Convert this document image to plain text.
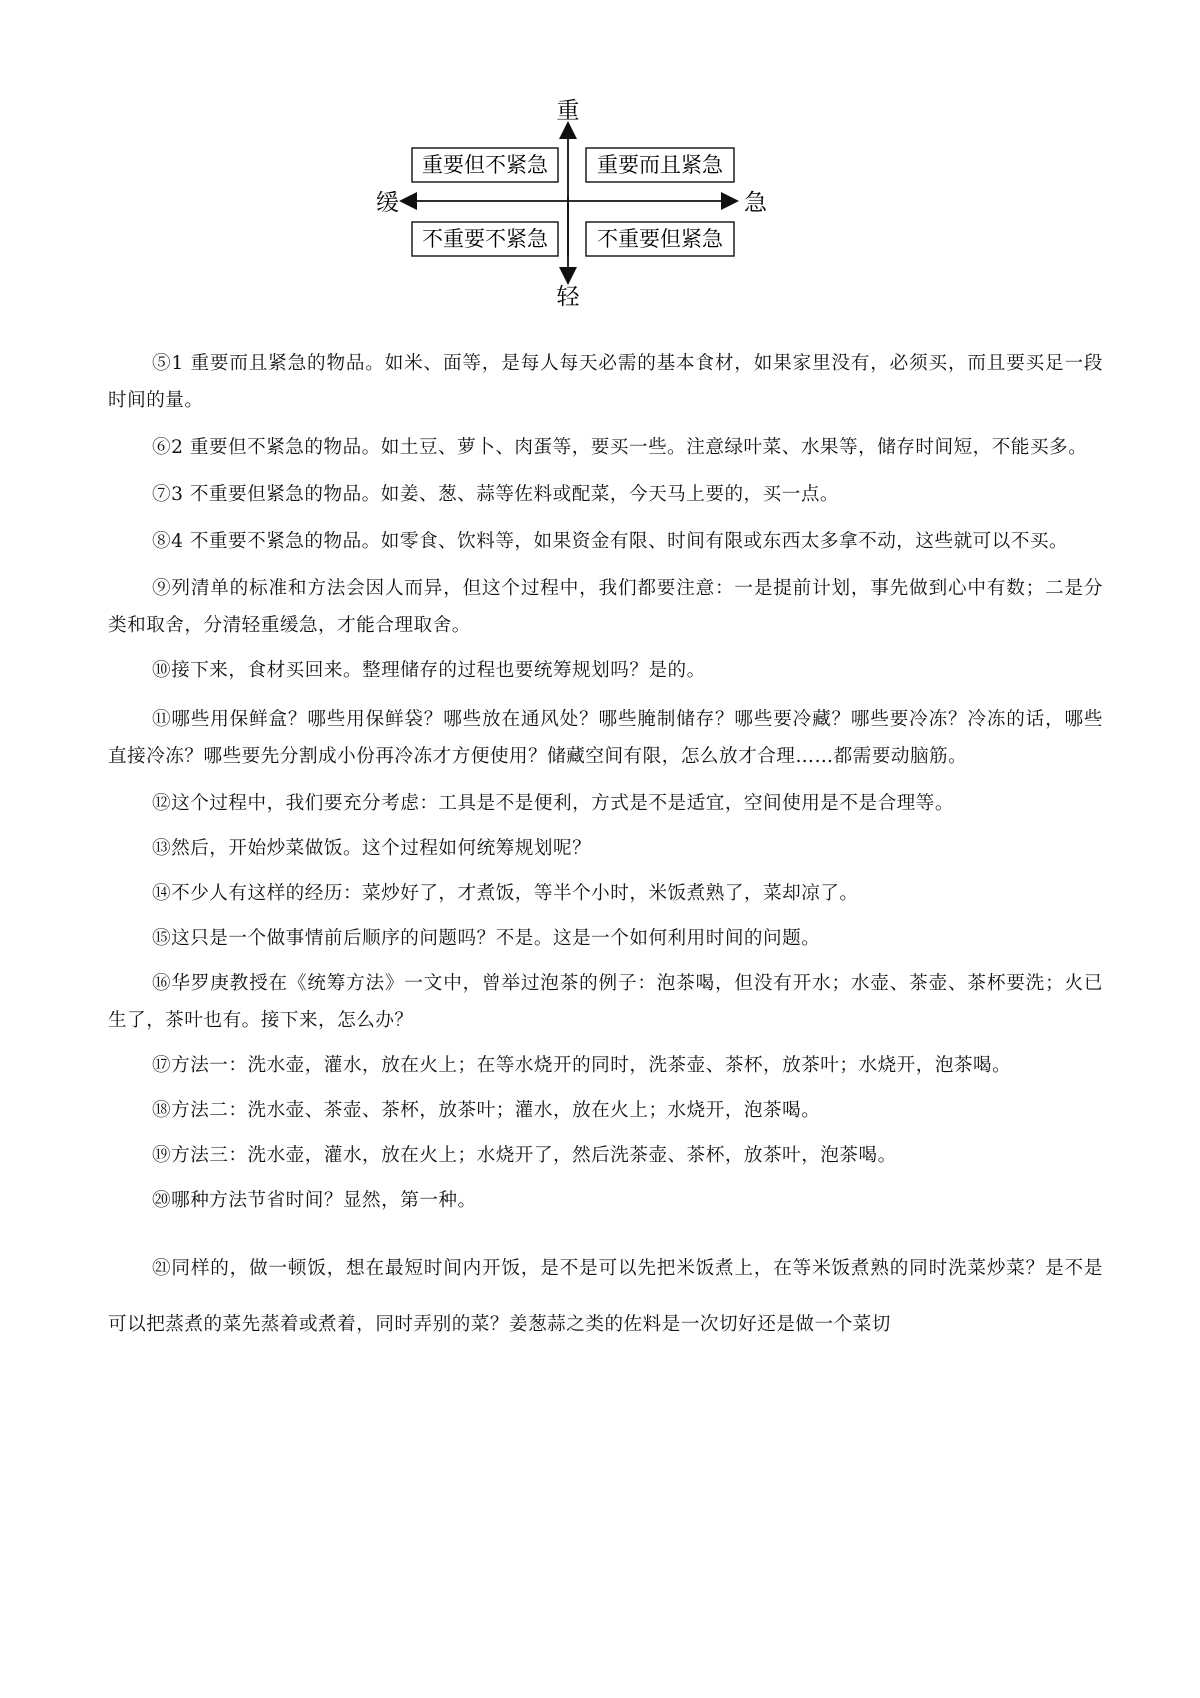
重
轻
缓	急
重要但不紧急 重要而且紧急
不重要不紧急 不重要但紧急

⑤1 重要而且紧急的物品。如米、面等，是每人每天必需的基本食材，如果家里没有，必须买，而且要买足一段时间的量。

⑥2 重要但不紧急的物品。如土豆、萝卜、肉蛋等，要买一些。注意绿叶菜、水果等，储存时间短，不能买多。

⑦3 不重要但紧急的物品。如姜、葱、蒜等佐料或配菜，今天马上要的，买一点。

⑧4 不重要不紧急的物品。如零食、饮料等，如果资金有限、时间有限或东西太多拿不动，这些就可以不买。

⑨列清单的标准和方法会因人而异，但这个过程中，我们都要注意：一是提前计划，事先做到心中有数；二是分类和取舍，分清轻重缓急，才能合理取舍。

⑩接下来，食材买回来。整理储存的过程也要统筹规划吗？是的。

⑪哪些用保鲜盒？哪些用保鲜袋？哪些放在通风处？哪些腌制储存？哪些要冷藏？哪些要冷冻？冷冻的话，哪些直接冷冻？哪些要先分割成小份再冷冻才方便使用？储藏空间有限，怎么放才合理……都需要动脑筋。

⑫这个过程中，我们要充分考虑：工具是不是便利，方式是不是适宜，空间使用是不是合理等。

⑬然后，开始炒菜做饭。这个过程如何统筹规划呢？

⑭不少人有这样的经历：菜炒好了，才煮饭，等半个小时，米饭煮熟了，菜却凉了。

⑮这只是一个做事情前后顺序的问题吗？不是。这是一个如何利用时间的问题。

⑯华罗庚教授在《统筹方法》一文中，曾举过泡茶的例子：泡茶喝，但没有开水；水壶、茶壶、茶杯要洗；火已生了，茶叶也有。接下来，怎么办？

⑰方法一：洗水壶，灌水，放在火上；在等水烧开的同时，洗茶壶、茶杯，放茶叶；水烧开，泡茶喝。

⑱方法二：洗水壶、茶壶、茶杯，放茶叶；灌水，放在火上；水烧开，泡茶喝。

⑲方法三：洗水壶，灌水，放在火上；水烧开了，然后洗茶壶、茶杯，放茶叶，泡茶喝。

⑳哪种方法节省时间？显然，第一种。

㉑同样的，做一顿饭，想在最短时间内开饭，是不是可以先把米饭煮上，在等米饭煮熟的同时洗菜炒菜？是不是可以把蒸煮的菜先蒸着或煮着，同时弄别的菜？姜葱蒜之类的佐料是一次切好还是做一个菜切
